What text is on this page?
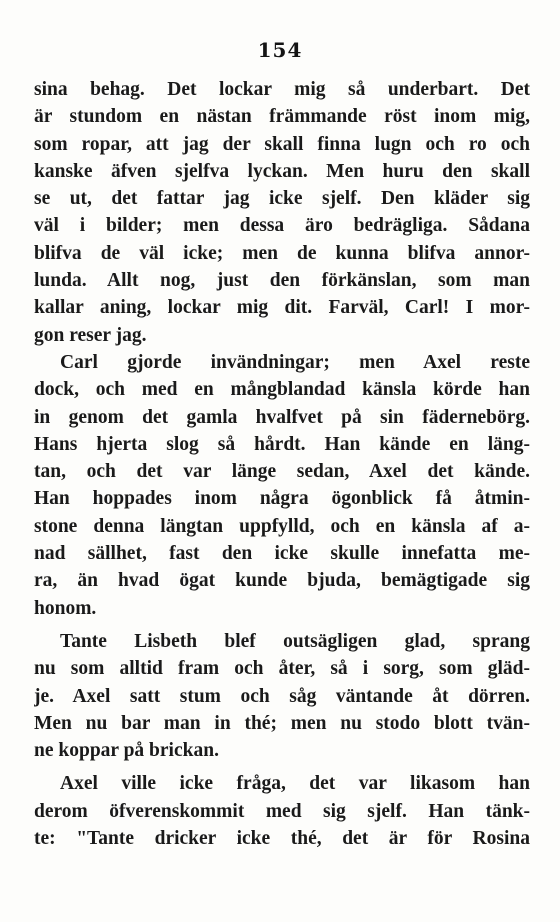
154
sina behag. Det lockar mig så underbart. Det
är stundom en nästan främmande röst inom mig,
som ropar, att jag der skall finna lugn och ro och
kanske äfven sjelfva lyckan. Men huru den skall
se ut, det fattar jag icke sjelf. Den kläder sig
väl i bilder; men dessa äro bedrägliga. Sådana
blifva de väl icke; men de kunna blifva annor-
lunda. Allt nog, just den förkänslan, som man
kallar aning, lockar mig dit. Farväl, Carl! I mor-
gon reser jag.
Carl gjorde invändningar; men Axel reste
dock, och med en mångblandad känsla körde han
in genom det gamla hvalfvet på sin fädernebörg.
Hans hjerta slog så hårdt. Han kände en läng-
tan, och det var länge sedan, Axel det kände.
Han hoppades inom några ögonblick få åtmin-
stone denna längtan uppfylld, och en känsla af a-
nad sällhet, fast den icke skulle innefatta me-
ra, än hvad ögat kunde bjuda, bemägtigade sig
honom.
Tante Lisbeth blef outsägligen glad, sprang
nu som alltid fram och åter, så i sorg, som gläd-
je. Axel satt stum och såg väntande åt dörren.
Men nu bar man in thé; men nu stodo blott tvän-
ne koppar på brickan.
Axel ville icke fråga, det var likasom han
derom öfverenskommit med sig sjelf. Han tänk-
te: "Tante dricker icke thé, det är för Rosina
